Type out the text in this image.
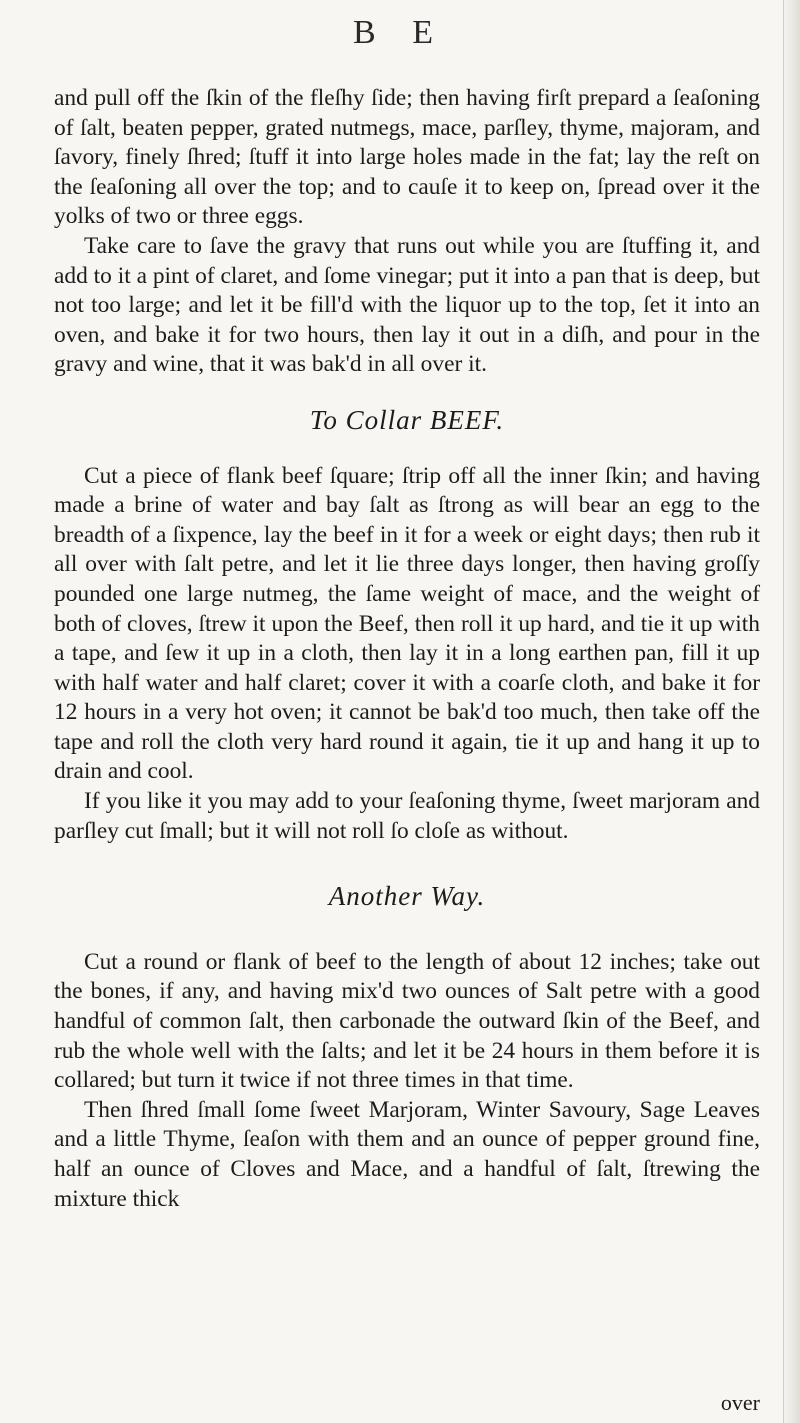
B E

and pull off the ſkin of the fleſhy ſide; then having firſt prepard a ſeaſoning of ſalt, beaten pepper, grated nutmegs, mace, parſley, thyme, majoram, and ſavory, finely ſhred; ſtuff it into large holes made in the fat; lay the reſt on the ſeaſoning all over the top; and to cauſe it to keep on, ſpread over it the yolks of two or three eggs.

Take care to ſave the gravy that runs out while you are ſtuffing it, and add to it a pint of claret, and ſome vinegar; put it into a pan that is deep, but not too large; and let it be fill'd with the liquor up to the top, ſet it into an oven, and bake it for two hours, then lay it out in a diſh, and pour in the gravy and wine, that it was bak'd in all over it.

To Collar BEEF.

Cut a piece of flank beef ſquare; ſtrip off all the inner ſkin; and having made a brine of water and bay ſalt as ſtrong as will bear an egg to the breadth of a ſixpence, lay the beef in it for a week or eight days; then rub it all over with ſalt petre, and let it lie three days longer, then having groſſy pounded one large nutmeg, the ſame weight of mace, and the weight of both of cloves, ſtrew it upon the Beef, then roll it up hard, and tie it up with a tape, and ſew it up in a cloth, then lay it in a long earthen pan, fill it up with half water and half claret; cover it with a coarſe cloth, and bake it for 12 hours in a very hot oven; it cannot be bak'd too much, then take off the tape and roll the cloth very hard round it again, tie it up and hang it up to drain and cool.

If you like it you may add to your ſeaſoning thyme, ſweet marjoram and parſley cut ſmall; but it will not roll ſo cloſe as without.

Another Way.

Cut a round or flank of beef to the length of about 12 inches; take out the bones, if any, and having mix'd two ounces of Salt petre with a good handful of common ſalt, then carbonade the outward ſkin of the Beef, and rub the whole well with the ſalts; and let it be 24 hours in them before it is collared; but turn it twice if not three times in that time.

Then ſhred ſmall ſome ſweet Marjoram, Winter Savoury, Sage Leaves and a little Thyme, ſeaſon with them and an ounce of pepper ground fine, half an ounce of Cloves and Mace, and a handful of ſalt, ſtrewing the mixture thick

over
